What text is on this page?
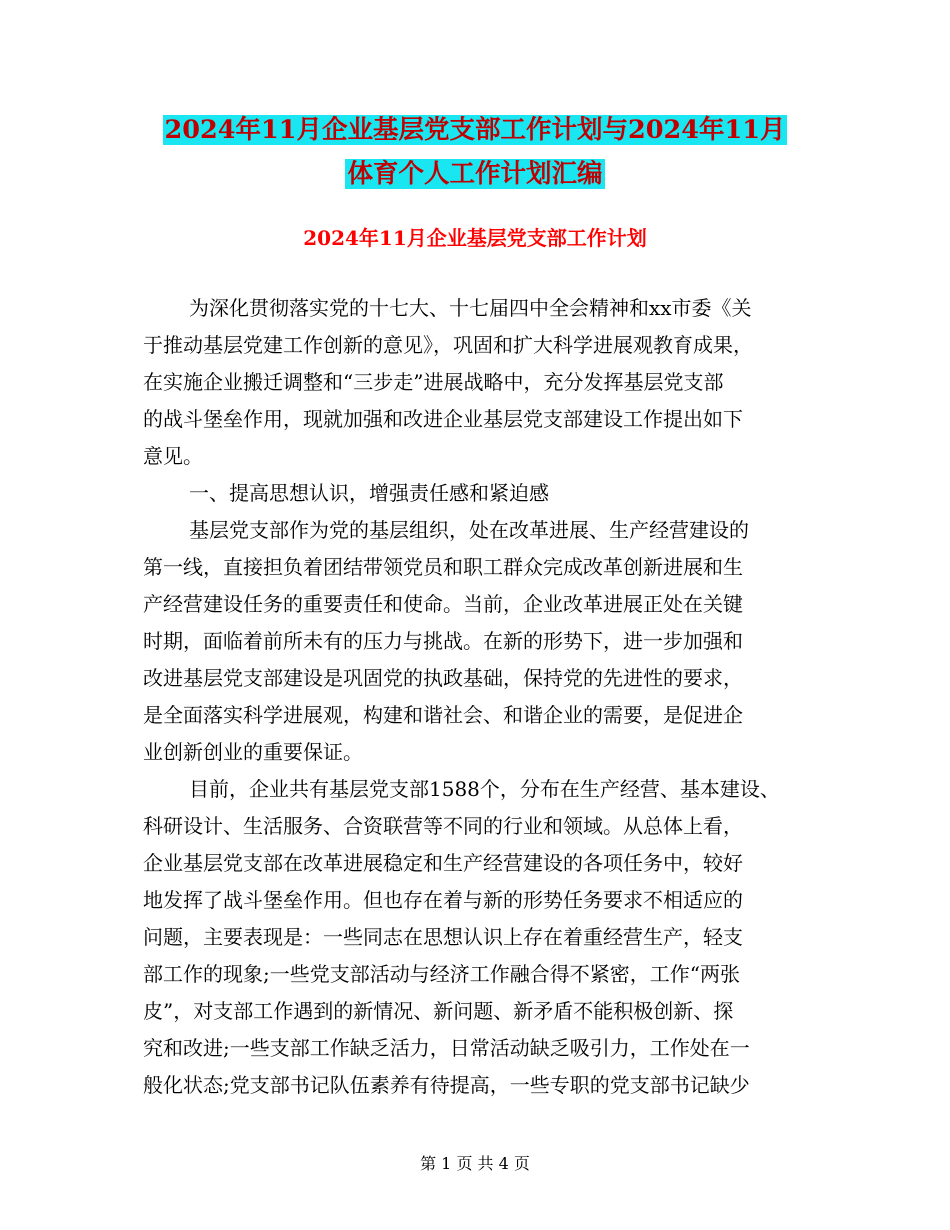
2024年11月企业基层党支部工作计划与2024年11月
体育个人工作计划汇编
2024年11月企业基层党支部工作计划

为深化贯彻落实党的十七大、十七届四中全会精神和xx市委《关
于推动基层党建工作创新的意见》，巩固和扩大科学进展观教育成果，
在实施企业搬迁调整和“三步走”进展战略中，充分发挥基层党支部
的战斗堡垒作用，现就加强和改进企业基层党支部建设工作提出如下
意见。

一、提高思想认识，增强责任感和紧迫感

基层党支部作为党的基层组织，处在改革进展、生产经营建设的
第一线，直接担负着团结带领党员和职工群众完成改革创新进展和生
产经营建设任务的重要责任和使命。当前，企业改革进展正处在关键
时期，面临着前所未有的压力与挑战。在新的形势下，进一步加强和
改进基层党支部建设是巩固党的执政基础，保持党的先进性的要求，
是全面落实科学进展观，构建和谐社会、和谐企业的需要，是促进企
业创新创业的重要保证。

目前，企业共有基层党支部1588个，分布在生产经营、基本建设、
科研设计、生活服务、合资联营等不同的行业和领域。从总体上看，
企业基层党支部在改革进展稳定和生产经营建设的各项任务中，较好
地发挥了战斗堡垒作用。但也存在着与新的形势任务要求不相适应的
问题，主要表现是：一些同志在思想认识上存在着重经营生产，轻支
部工作的现象;一些党支部活动与经济工作融合得不紧密，工作“两张
皮”，对支部工作遇到的新情况、新问题、新矛盾不能积极创新、探
究和改进;一些支部工作缺乏活力，日常活动缺乏吸引力，工作处在一
般化状态;党支部书记队伍素养有待提高，一些专职的党支部书记缺少

第 1 页 共 4 页
